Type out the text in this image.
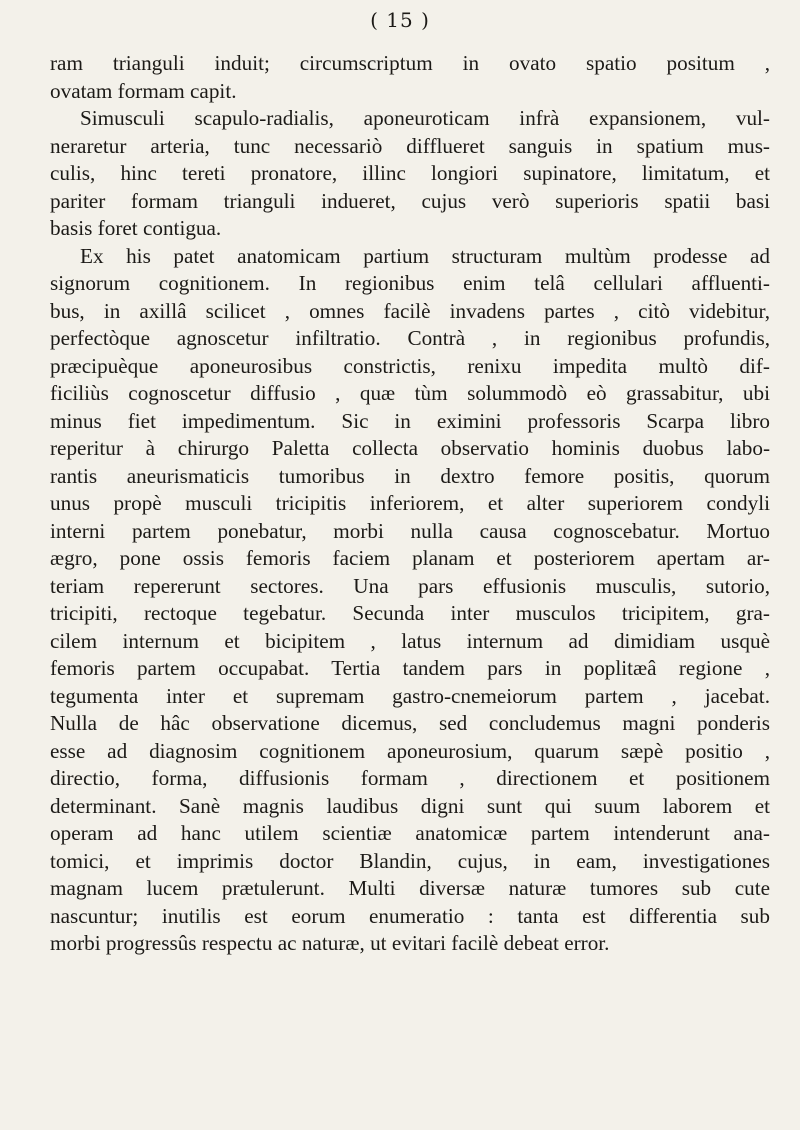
( 15 )
ram trianguli induit; circumscriptum in ovato spatio positum ,
ovatam formam capit.
Simusculi scapulo-radialis, aponeuroticam infrà expansionem, vul-
neraretur arteria, tunc necessariò difflueret sanguis in spatium mus-
culis, hinc tereti pronatore, illinc longiori supinatore, limitatum, et
pariter formam trianguli indueret, cujus verò superioris spatii basi
basis foret contigua.
Ex his patet anatomicam partium structuram multùm prodesse ad
signorum cognitionem. In regionibus enim telâ cellulari affluenti-
bus, in axillâ scilicet , omnes facilè invadens partes , citò videbitur,
perfectòque agnoscetur infiltratio. Contrà , in regionibus profundis,
præcipuèque aponeurosibus constrictis, renixu impedita multò dif-
ficiliùs cognoscetur diffusio , quæ tùm solummodò eò grassabitur, ubi
minus fiet impedimentum. Sic in eximini professoris Scarpa libro
reperitur à chirurgo Paletta collecta observatio hominis duobus labo-
rantis aneurismaticis tumoribus in dextro femore positis, quorum
unus propè musculi tricipitis inferiorem, et alter superiorem condyli
interni partem ponebatur, morbi nulla causa cognoscebatur. Mortuo
ægro, pone ossis femoris faciem planam et posteriorem apertam ar-
teriam repererunt sectores. Una pars effusionis musculis, sutorio,
tricipiti, rectoque tegebatur. Secunda inter musculos tricipitem, gra-
cilem internum et bicipitem , latus internum ad dimidiam usquè
femoris partem occupabat. Tertia tandem pars in poplitæâ regione ,
tegumenta inter et supremam gastro-cnemeiorum partem , jacebat.
Nulla de hâc observatione dicemus, sed concludemus magni ponderis
esse ad diagnosim cognitionem aponeurosium, quarum sæpè positio ,
directio, forma, diffusionis formam , directionem et positionem
determinant. Sanè magnis laudibus digni sunt qui suum laborem et
operam ad hanc utilem scientiæ anatomicæ partem intenderunt ana-
tomici, et imprimis doctor Blandin, cujus, in eam, investigationes
magnam lucem prætulerunt. Multi diversæ naturæ tumores sub cute
nascuntur; inutilis est eorum enumeratio : tanta est differentia sub
morbi progressûs respectu ac naturæ, ut evitari facilè debeat error.
